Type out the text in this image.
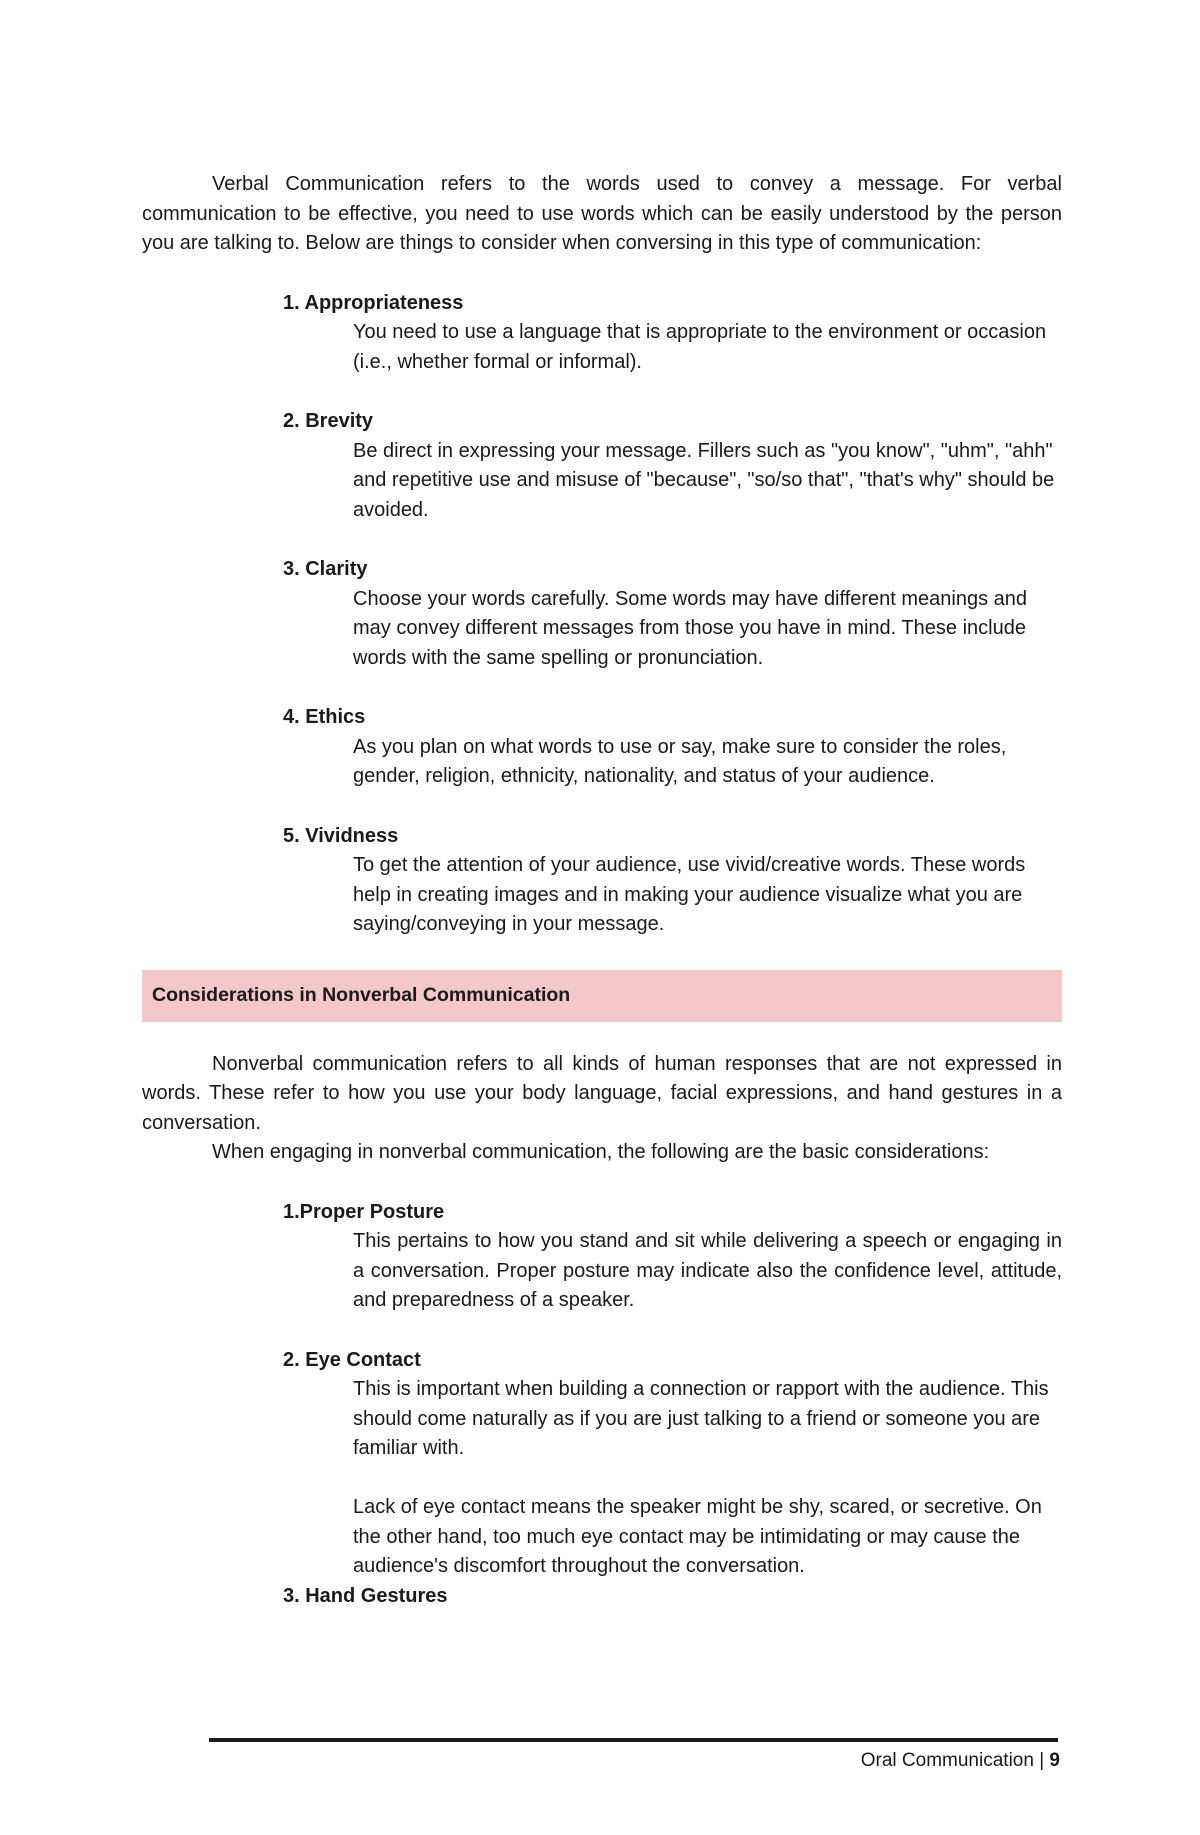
Verbal Communication refers to the words used to convey a message. For verbal communication to be effective, you need to use words which can be easily understood by the person you are talking to. Below are things to consider when conversing in this type of communication:

1. Appropriateness

You need to use a language that is appropriate to the environment or occasion (i.e., whether formal or informal).

2. Brevity

Be direct in expressing your message. Fillers such as "you know", "uhm", "ahh" and repetitive use and misuse of "because", "so/so that", "that's why" should be avoided.

3. Clarity

Choose your words carefully. Some words may have different meanings and may convey different messages from those you have in mind. These include words with the same spelling or pronunciation.

4. Ethics

As you plan on what words to use or say, make sure to consider the roles, gender, religion, ethnicity, nationality, and status of your audience.

5. Vividness

To get the attention of your audience, use vivid/creative words. These words help in creating images and in making your audience visualize what you are saying/conveying in your message.

Considerations in Nonverbal Communication

Nonverbal communication refers to all kinds of human responses that are not expressed in words. These refer to how you use your body language, facial expressions, and hand gestures in a conversation.

When engaging in nonverbal communication, the following are the basic considerations:

1.Proper Posture

This pertains to how you stand and sit while delivering a speech or engaging in a conversation. Proper posture may indicate also the confidence level, attitude, and preparedness of a speaker.

2. Eye Contact

This is important when building a connection or rapport with the audience. This should come naturally as if you are just talking to a friend or someone you are familiar with.

Lack of eye contact means the speaker might be shy, scared, or secretive. On the other hand, too much eye contact may be intimidating or may cause the audience's discomfort throughout the conversation.

3. Hand Gestures
Oral Communication | 9
